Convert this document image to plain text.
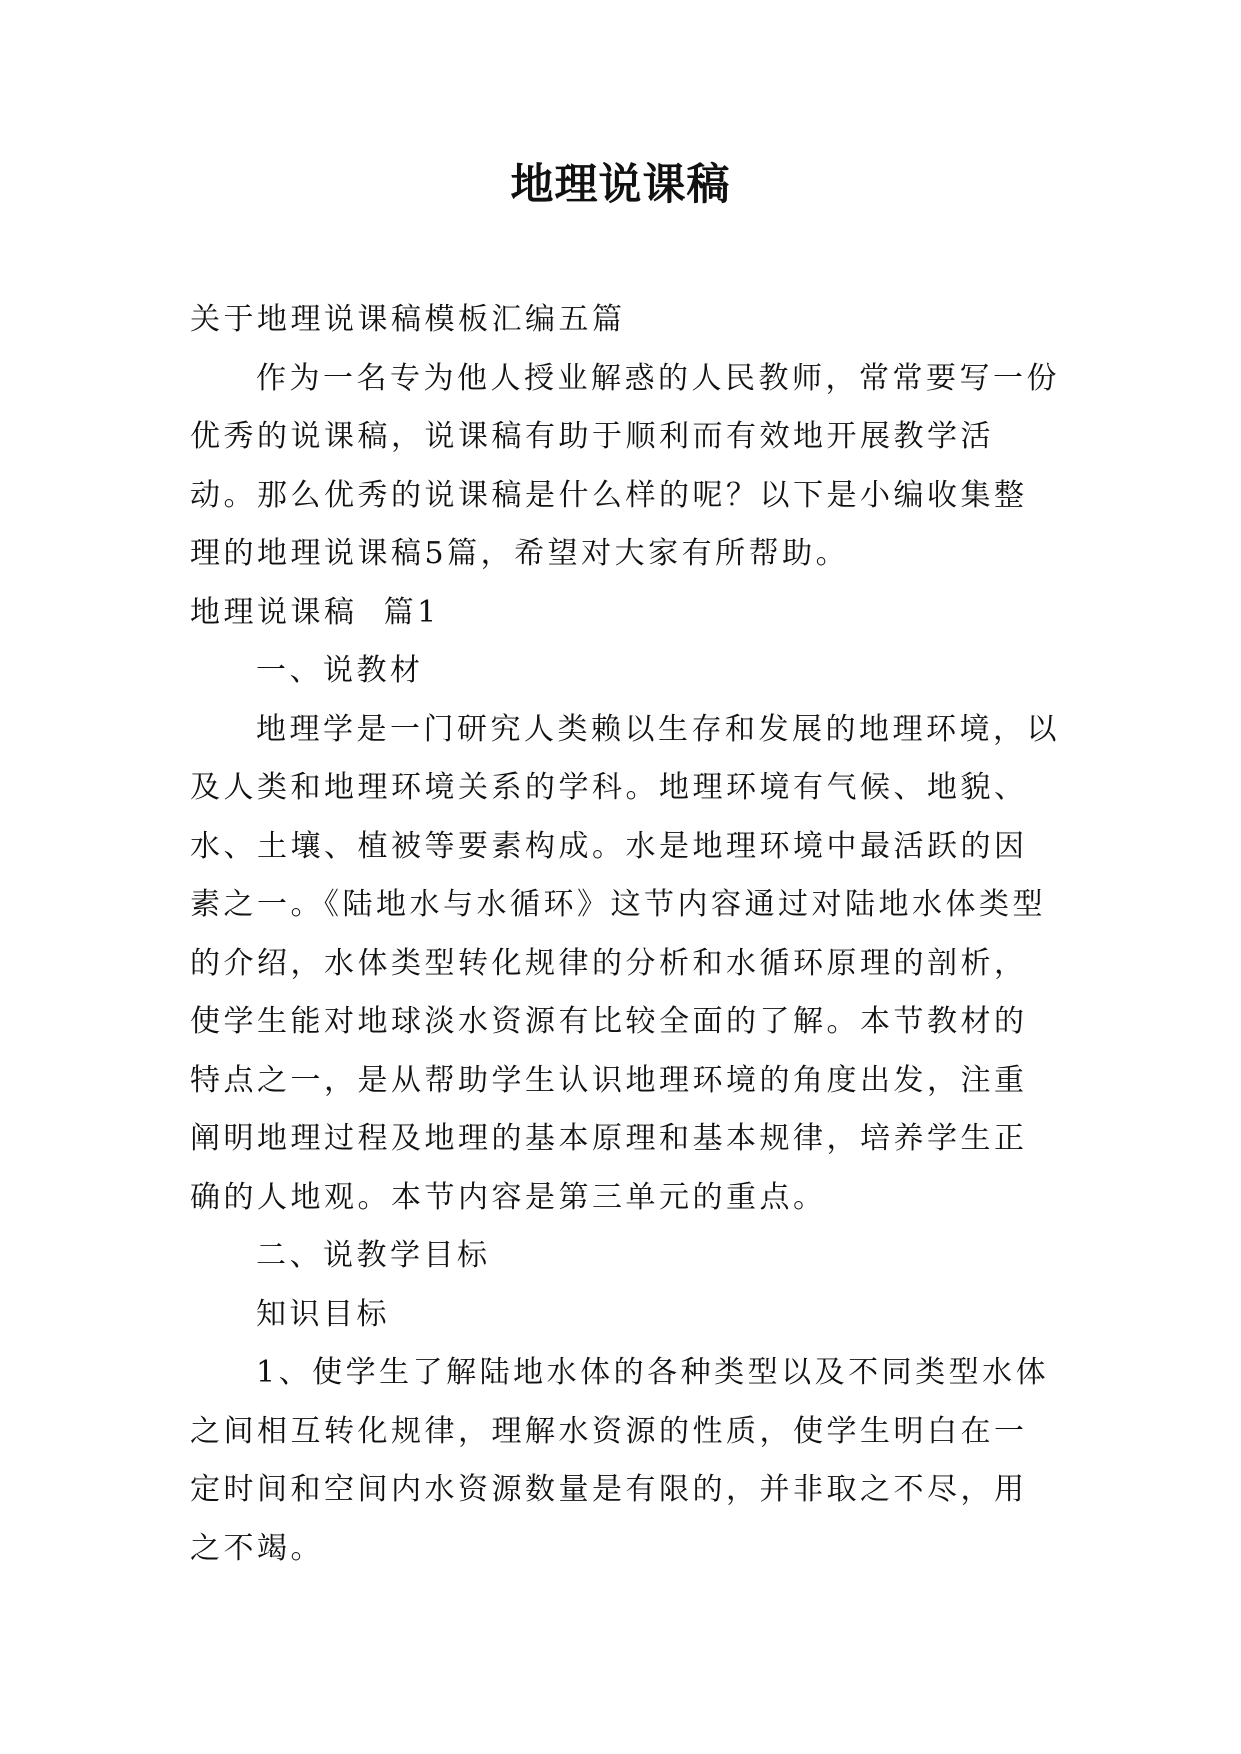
地理说课稿

关于地理说课稿模板汇编五篇

作为一名专为他人授业解惑的人民教师，常常要写一份优秀的说课稿，说课稿有助于顺利而有效地开展教学活动。那么优秀的说课稿是什么样的呢？以下是小编收集整理的地理说课稿5篇，希望对大家有所帮助。

地理说课稿  篇1

一、说教材

地理学是一门研究人类赖以生存和发展的地理环境，以及人类和地理环境关系的学科。地理环境有气候、地貌、水、土壤、植被等要素构成。水是地理环境中最活跃的因素之一。《陆地水与水循环》这节内容通过对陆地水体类型的介绍，水体类型转化规律的分析和水循环原理的剖析，使学生能对地球淡水资源有比较全面的了解。本节教材的特点之一，是从帮助学生认识地理环境的角度出发，注重阐明地理过程及地理的基本原理和基本规律，培养学生正确的人地观。本节内容是第三单元的重点。

二、说教学目标

知识目标

1、使学生了解陆地水体的各种类型以及不同类型水体之间相互转化规律，理解水资源的性质，使学生明白在一定时间和空间内水资源数量是有限的，并非取之不尽，用之不竭。
